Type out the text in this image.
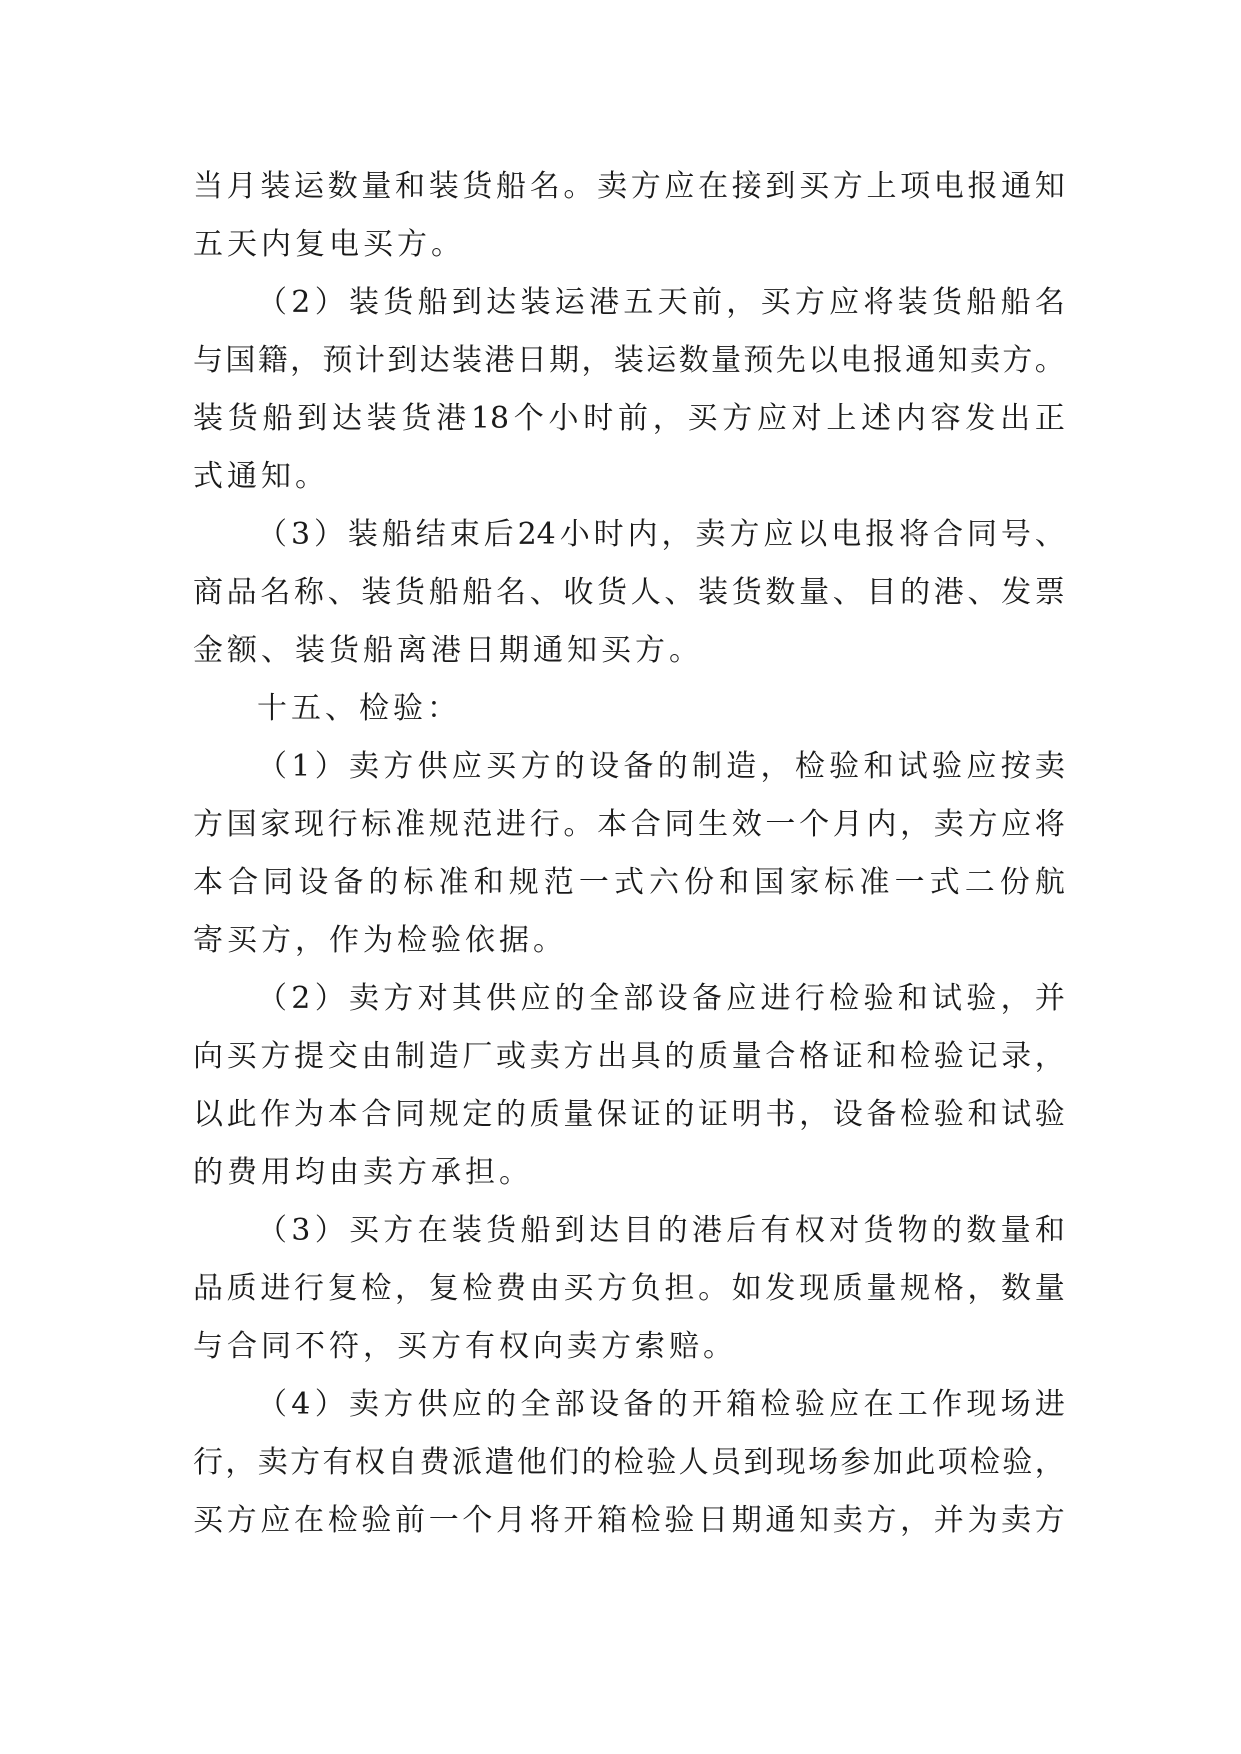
当 月 装 运 数 量 和 装 货 船 名 。 卖 方 应 在 接 到 买 方 上 项 电 报 通 知
五天内复电买方。
（ 2 ） 装 货 船 到 达 装 运 港 五 天 前 ， 买 方 应 将 装 货 船 船 名
与 国 籍 ， 预 计 到 达 装 港 日 期 ， 装 运 数 量 预 先 以 电 报 通 知 卖 方 。
装 货 船 到 达 装 货 港 18 个 小 时 前 ， 买 方 应 对 上 述 内 容 发 出 正
式通知。
（ 3 ） 装 船 结 束 后 24 小 时 内 ， 卖 方 应 以 电 报 将 合 同 号 、
商 品 名 称 、 装 货 船 船 名 、 收 货 人 、 装 货 数 量 、 目 的 港 、 发 票
金额、装货船离港日期通知买方。
十五、检验：
（ 1 ） 卖 方 供 应 买 方 的 设 备 的 制 造 ， 检 验 和 试 验 应 按 卖
方 国 家 现 行 标 准 规 范 进 行 。 本 合 同 生 效 一 个 月 内 ， 卖 方 应 将
本 合 同 设 备 的 标 准 和 规 范 一 式 六 份 和 国 家 标 准 一 式 二 份 航
寄买方，作为检验依据。
（ 2 ） 卖 方 对 其 供 应 的 全 部 设 备 应 进 行 检 验 和 试 验 ， 并
向 买 方 提 交 由 制 造 厂 或 卖 方 出 具 的 质 量 合 格 证 和 检 验 记 录 ，
以 此 作 为 本 合 同 规 定 的 质 量 保 证 的 证 明 书 ， 设 备 检 验 和 试 验
的费用均由卖方承担。
（ 3 ） 买 方 在 装 货 船 到 达 目 的 港 后 有 权 对 货 物 的 数 量 和
品 质 进 行 复 检 ， 复 检 费 由 买 方 负 担 。 如 发 现 质 量 规 格 ， 数 量
与合同不符，买方有权向卖方索赔。
（ 4 ） 卖 方 供 应 的 全 部 设 备 的 开 箱 检 验 应 在 工 作 现 场 进
行 ， 卖 方 有 权 自 费 派 遣 他 们 的 检 验 人 员 到 现 场 参 加 此 项 检 验 ，
买 方 应 在 检 验 前 一 个 月 将 开 箱 检 验 日 期 通 知 卖 方 ， 并 为 卖 方
